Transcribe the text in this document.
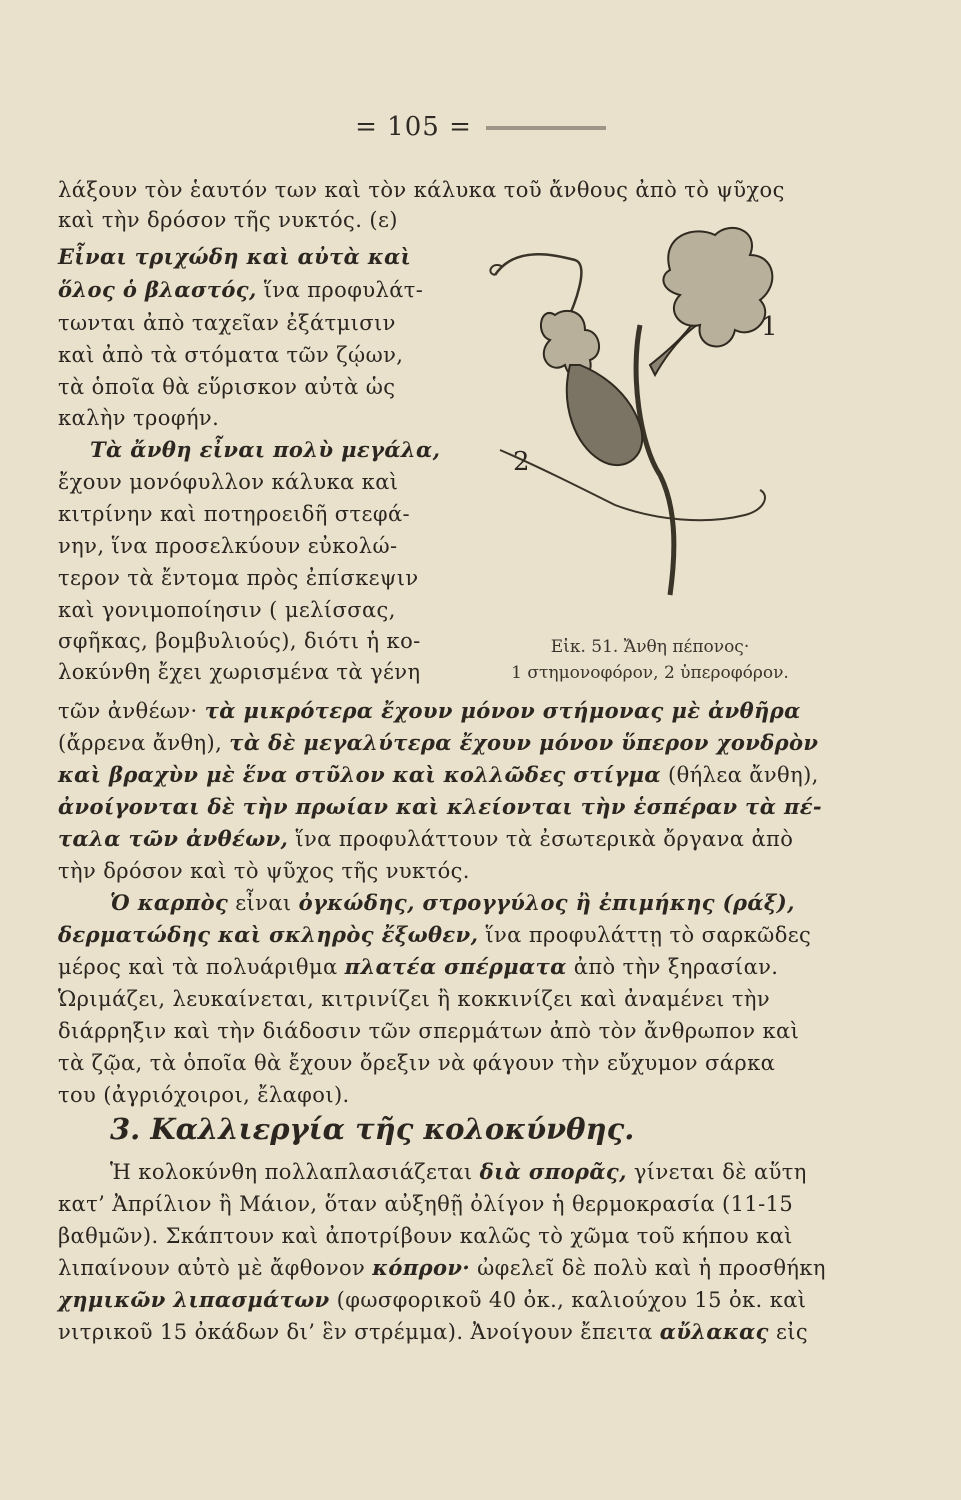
= 105 =
λάξουν τὸν ἑαυτόν των καὶ τὸν κάλυκα τοῦ ἄνθους ἀπὸ τὸ ψῦχος
καὶ τὴν δρόσον τῆς νυκτός. (ε)
Εἶναι τριχώδη καὶ αὐτὰ καὶ
ὅλος ὁ βλαστός, ἵνα προφυλάτ-
τωνται ἀπὸ ταχεῖαν ἐξάτμισιν
καὶ ἀπὸ τὰ στόματα τῶν ζῴων,
τὰ ὁποῖα θὰ εὕρισκον αὐτὰ ὡς
καλὴν τροφήν.
Τὰ ἄνθη εἶναι πολὺ μεγάλα,
ἔχουν μονόφυλλον κάλυκα καὶ
κιτρίνην καὶ ποτηροειδῆ στεφά-
νην, ἵνα προσελκύουν εὐκολώ-
τερον τὰ ἔντομα πρὸς ἐπίσκεψιν
καὶ γονιμοποίησιν ( μελίσσας,
σφῆκας, βομβυλιούς), διότι ἡ κο-
λοκύνθη ἔχει χωρισμένα τὰ γένη
2
1
Εἰκ. 51. Ἄνθη πέπονος·
1 στημονοφόρον, 2 ὑπεροφόρον.
τῶν ἀνθέων· τὰ μικρότερα ἔχουν μόνον στήμονας μὲ ἀνθῆρα
(ἄρρενα ἄνθη), τὰ δὲ μεγαλύτερα ἔχουν μόνον ὕπερον χονδρὸν
καὶ βραχὺν μὲ ἕνα στῦλον καὶ κολλῶδες στίγμα (θήλεα ἄνθη),
ἀνοίγονται δὲ τὴν πρωίαν καὶ κλείονται τὴν ἑσπέραν τὰ πέ-
ταλα τῶν ἀνθέων, ἵνα προφυλάττουν τὰ ἐσωτερικὰ ὄργανα ἀπὸ
τὴν δρόσον καὶ τὸ ψῦχος τῆς νυκτός.
Ὁ καρπὸς εἶναι ὀγκώδης, στρογγύλος ἢ ἐπιμήκης (ράξ),
δερματώδης καὶ σκληρὸς ἔξωθεν, ἵνα προφυλάττῃ τὸ σαρκῶδες
μέρος καὶ τὰ πολυάριθμα πλατέα σπέρματα ἀπὸ τὴν ξηρασίαν.
Ὡριμάζει, λευκαίνεται, κιτρινίζει ἢ κοκκινίζει καὶ ἀναμένει τὴν
διάρρηξιν καὶ τὴν διάδοσιν τῶν σπερμάτων ἀπὸ τὸν ἄνθρωπον καὶ
τὰ ζῷα, τὰ ὁποῖα θὰ ἔχουν ὄρεξιν νὰ φάγουν τὴν εὔχυμον σάρκα
του (ἀγριόχοιροι, ἔλαφοι).
3. Καλλιεργία τῆς κολοκύνθης.
Ἡ κολοκύνθη πολλαπλασιάζεται διὰ σπορᾶς, γίνεται δὲ αὕτη
κατ’ Ἀπρίλιον ἢ Μάιον, ὅταν αὐξηθῇ ὀλίγον ἡ θερμοκρασία (11-15
βαθμῶν). Σκάπτουν καὶ ἀποτρίβουν καλῶς τὸ χῶμα τοῦ κήπου καὶ
λιπαίνουν αὐτὸ μὲ ἄφθονον κόπρον· ὠφελεῖ δὲ πολὺ καὶ ἡ προσθήκη
χημικῶν λιπασμάτων (φωσφορικοῦ 40 ὀκ., καλιούχου 15 ὀκ. καὶ
νιτρικοῦ 15 ὀκάδων δι’ ἓν στρέμμα). Ἀνοίγουν ἔπειτα αὔλακας εἰς
